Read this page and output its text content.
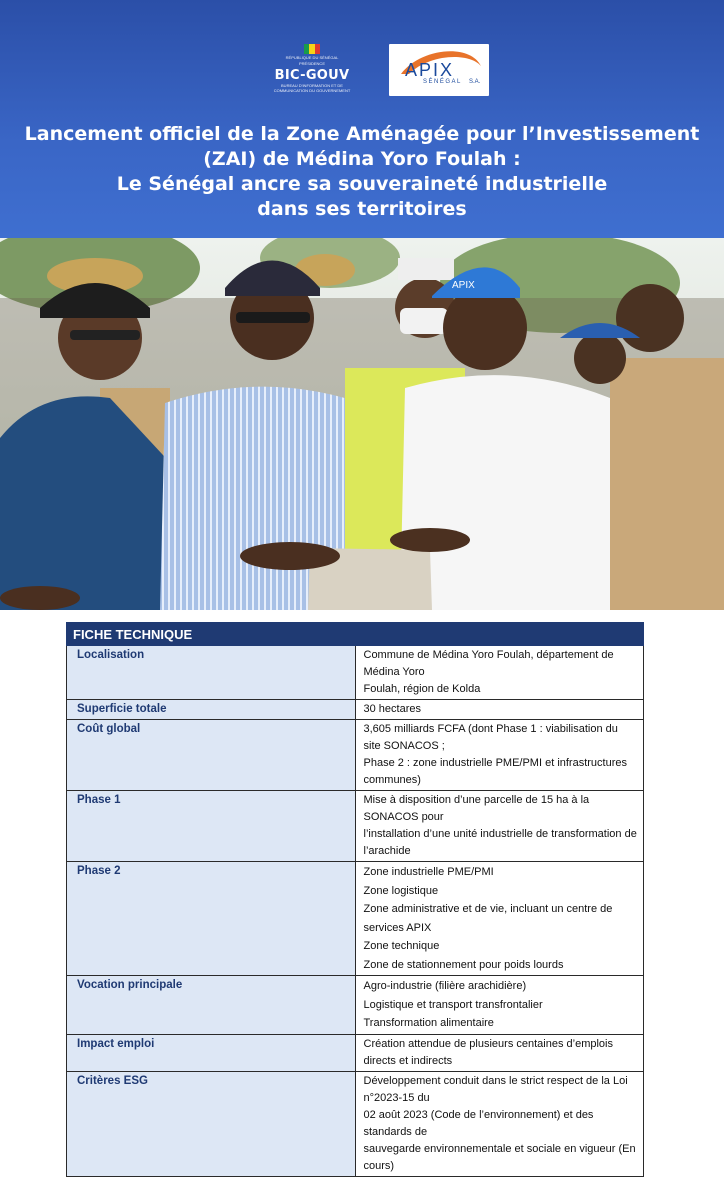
RÉPUBLIQUE DU SÉNÉGAL
PRÉSIDENCE
BIC-GOUV
BUREAU D'INFORMATION ET DE
COMMUNICATION DU GOUVERNEMENT
APIX
SÉNÉGAL S.A.
Lancement officiel de la Zone Aménagée pour l’Investissement
(ZAI) de Médina Yoro Foulah :
Le Sénégal ancre sa souveraineté industrielle
dans ses territoires
APIX
FICHE TECHNIQUE	
Localisation	Commune de Médina Yoro Foulah, département de Médina Yoro
Foulah, région de Kolda

Superficie totale	30 hectares

Coût global	3,605 milliards FCFA (dont Phase 1 : viabilisation du site SONACOS ;
Phase 2 : zone industrielle PME/PMI et infrastructures communes)

Phase 1	Mise à disposition d’une parcelle de 15 ha à la SONACOS pour
l’installation d’une unité industrielle de transformation de l’arachide

Phase 2	Zone industrielle PME/PMI
Zone logistique
Zone administrative et de vie, incluant un centre de services APIX
Zone technique
Zone de stationnement pour poids lourds

Vocation principale	Agro-industrie (filière arachidière)
Logistique et transport transfrontalier
Transformation alimentaire

Impact emploi	Création attendue de plusieurs centaines d’emplois directs et indirects

Critères ESG	Développement conduit dans le strict respect de la Loi n°2023-15 du
02 août 2023 (Code de l’environnement) et des standards de
sauvegarde environnementale et sociale en vigueur (En cours)
